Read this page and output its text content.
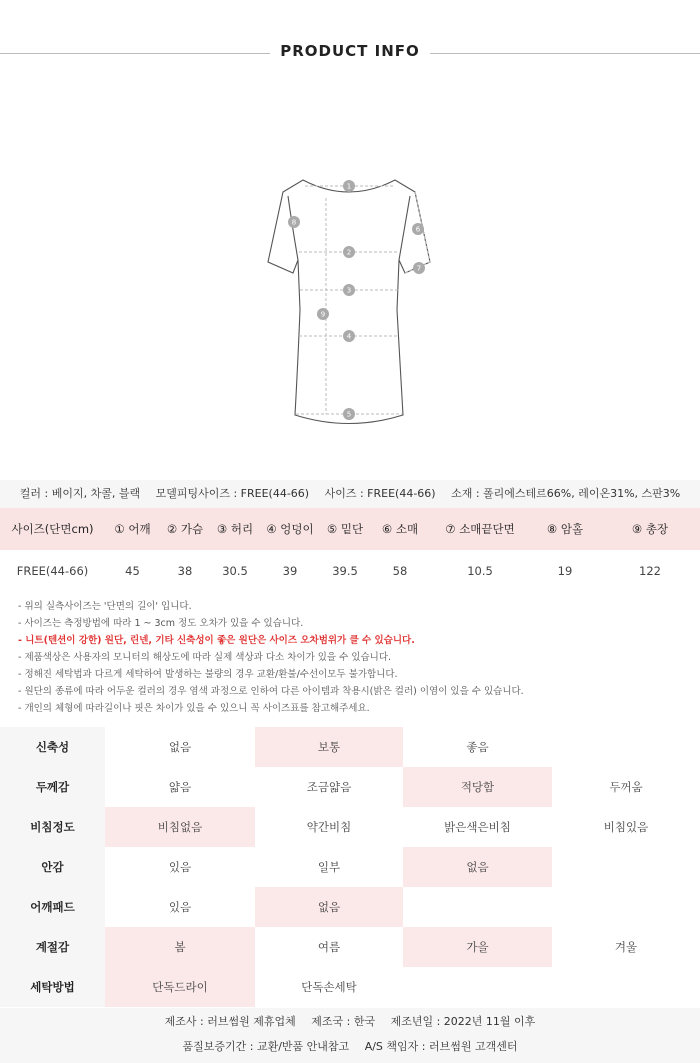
PRODUCT INFO
1
2
3
4
5
6
7
8
9
컬러 : 베이지, 차콜, 블랙 모델피팅사이즈 : FREE(44-66) 사이즈 : FREE(44-66) 소재 : 폴리에스테르66%, 레이온31%, 스판3%
사이즈(단면cm)	① 어깨	② 가슴	③ 허리	④ 엉덩이	⑤ 밑단	⑥ 소매	⑦ 소매끝단면	⑧ 암홀	⑨ 총장
FREE(44-66)	45	38	30.5	39	39.5	58	10.5	19	122
- 위의 실측사이즈는 '단면의 길이' 입니다.
- 사이즈는 측정방법에 따라 1 ~ 3cm 정도 오차가 있을 수 있습니다.
- 니트(텐션이 강한) 원단, 린넨, 기타 신축성이 좋은 원단은 사이즈 오차범위가 클 수 있습니다.
- 제품색상은 사용자의 모니터의 해상도에 따라 실제 색상과 다소 차이가 있을 수 있습니다.
- 정해진 세탁법과 다르게 세탁하여 발생하는 불량의 경우 교환/환불/수선이모두 불가합니다.
- 원단의 종류에 따라 어두운 컬러의 경우 염색 과정으로 인하여 다른 아이템과 착용시(밝은 컬러) 이염이 있을 수 있습니다.
- 개인의 체형에 따라길이나 핏은 차이가 있을 수 있으니 꼭 사이즈표를 참고해주세요.
신축성	없음	보통	좋음	
두께감	얇음	조금얇음	적당함	두꺼움
비침정도	비침없음	약간비침	밝은색은비침	비침있음
안감	있음	일부	없음	
어깨패드	있음	없음		
계절감	봄	여름	가을	겨울
세탁방법	단독드라이	단독손세탁		
제조사 : 러브썸원 제휴업체 제조국 : 한국 제조년일 : 2022년 11월 이후
품질보증기간 : 교환/반품 안내참고 A/S 책임자 : 러브썸원 고객센터
